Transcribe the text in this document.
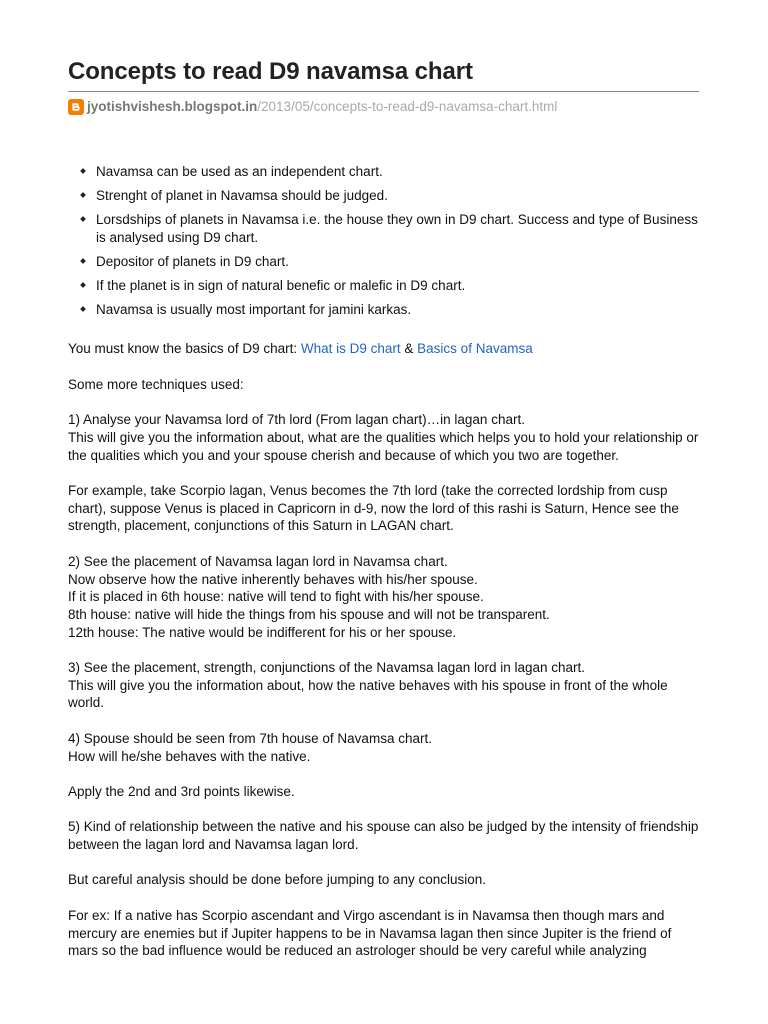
Concepts to read D9 navamsa chart
jyotishvishesh.blogspot.in /2013/05/concepts-to-read-d9-navamsa-chart.html
Navamsa can be used as an independent chart.
Strenght of planet in Navamsa should be judged.
Lorsdships of planets in Navamsa i.e. the house they own in D9 chart. Success and type of Business is analysed using D9 chart.
Depositor of planets in D9 chart.
If the planet is in sign of natural benefic or malefic in D9 chart.
Navamsa is usually most important for jamini karkas.

You must know the basics of D9 chart: What is D9 chart & Basics of Navamsa

Some more techniques used:

1) Analyse your Navamsa lord of 7th lord (From lagan chart)…in lagan chart.
This will give you the information about, what are the qualities which helps you to hold your relationship or the qualities which you and your spouse cherish and because of which you two are together.

For example, take Scorpio lagan, Venus becomes the 7th lord (take the corrected lordship from cusp chart), suppose Venus is placed in Capricorn in d-9, now the lord of this rashi is Saturn, Hence see the strength, placement, conjunctions of this Saturn in LAGAN chart.

2) See the placement of Navamsa lagan lord in Navamsa chart.
Now observe how the native inherently behaves with his/her spouse.
If it is placed in 6th house: native will tend to fight with his/her spouse.
8th house: native will hide the things from his spouse and will not be transparent.
12th house: The native would be indifferent for his or her spouse.

3) See the placement, strength, conjunctions of the Navamsa lagan lord in lagan chart.
This will give you the information about, how the native behaves with his spouse in front of the whole world.

4) Spouse should be seen from 7th house of Navamsa chart.
How will he/she behaves with the native.

Apply the 2nd and 3rd points likewise.

5) Kind of relationship between the native and his spouse can also be judged by the intensity of friendship between the lagan lord and Navamsa lagan lord.

But careful analysis should be done before jumping to any conclusion.

For ex: If a native has Scorpio ascendant and Virgo ascendant is in Navamsa then though mars and mercury are enemies but if Jupiter happens to be in Navamsa lagan then since Jupiter is the friend of mars so the bad influence would be reduced an astrologer should be very careful while analyzing
